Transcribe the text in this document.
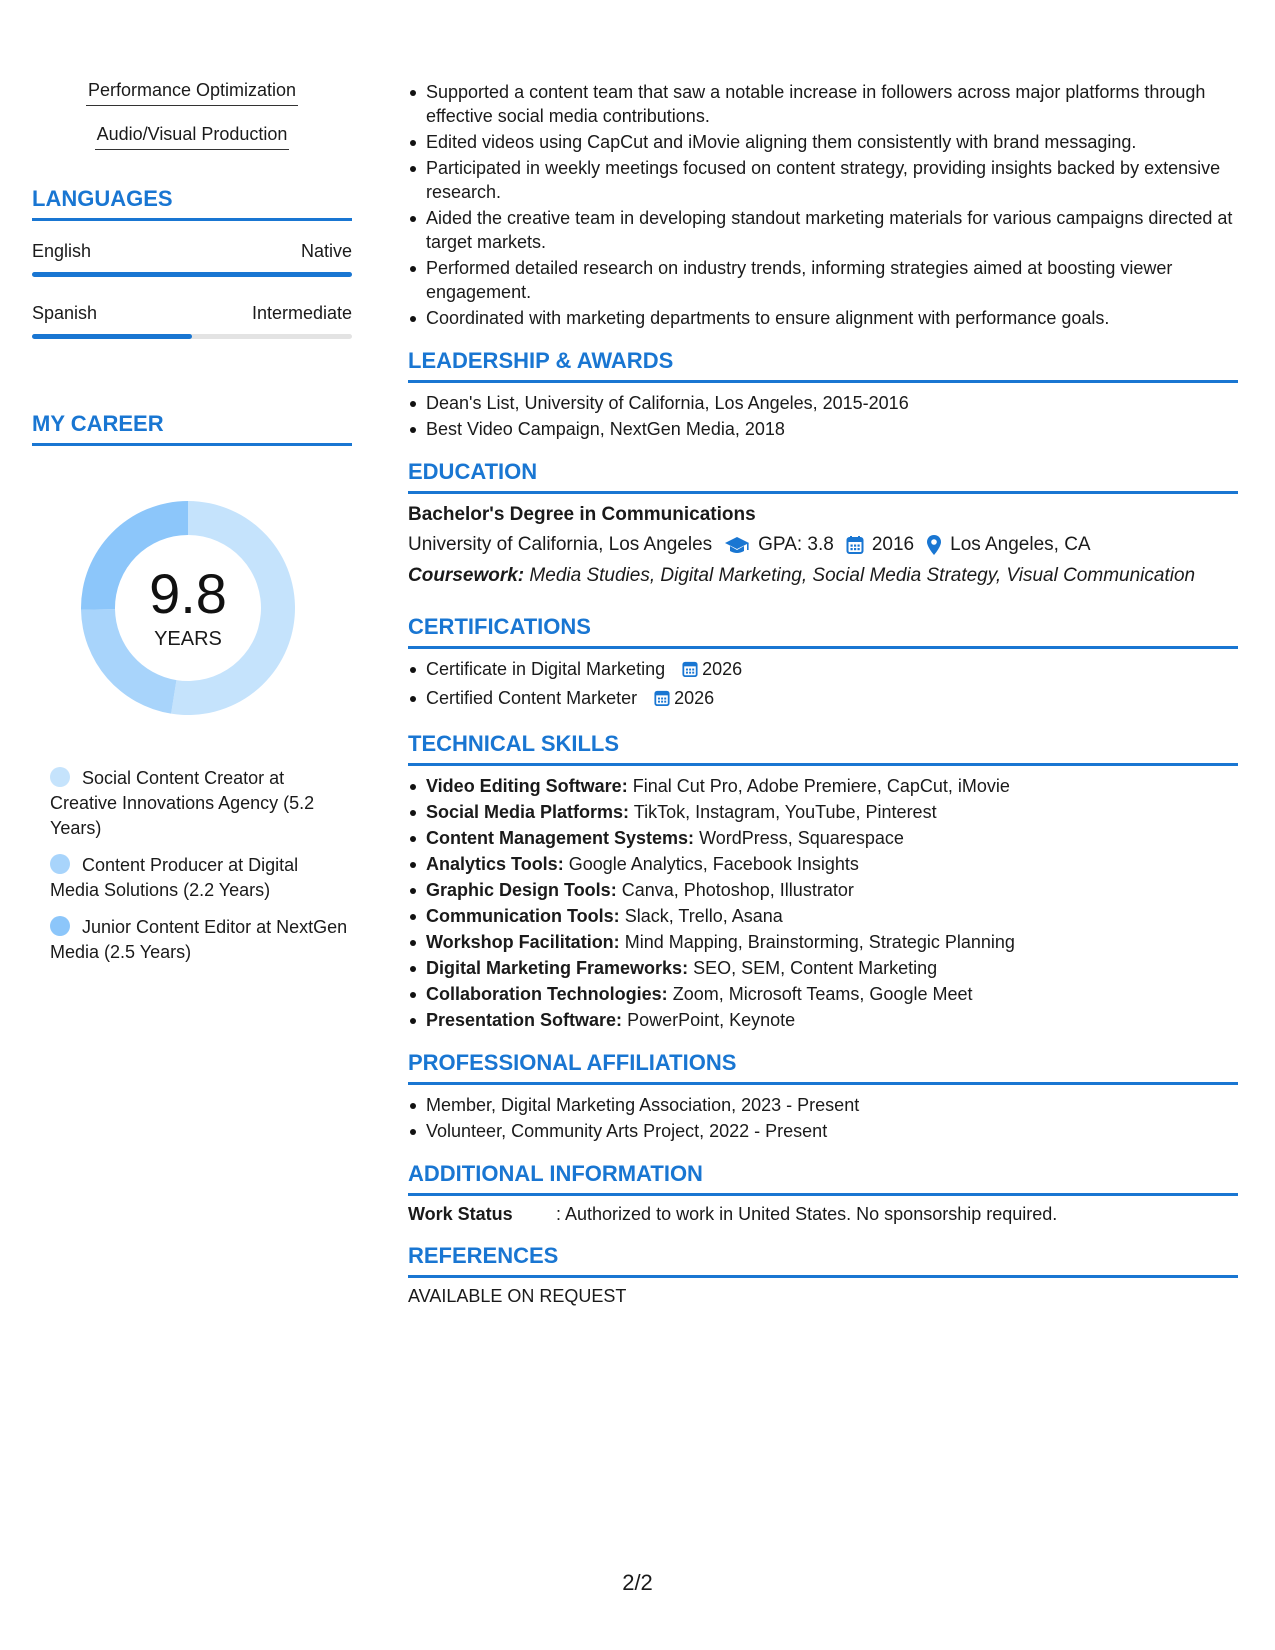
Performance Optimization
Audio/Visual Production
LANGUAGES
English	Native
Spanish	Intermediate
MY CAREER
9.8
YEARS
Social Content Creator at Creative Innovations Agency (5.2 Years)
Content Producer at Digital Media Solutions (2.2 Years)
Junior Content Editor at NextGen Media (2.5 Years)
Supported a content team that saw a notable increase in followers across major platforms through effective social media contributions.
Edited videos using CapCut and iMovie aligning them consistently with brand messaging.
Participated in weekly meetings focused on content strategy, providing insights backed by extensive research.
Aided the creative team in developing standout marketing materials for various campaigns directed at target markets.
Performed detailed research on industry trends, informing strategies aimed at boosting viewer engagement.
Coordinated with marketing departments to ensure alignment with performance goals.
LEADERSHIP & AWARDS
Dean's List, University of California, Los Angeles, 2015-2016
Best Video Campaign, NextGen Media, 2018
EDUCATION
Bachelor's Degree in Communications
University of California, Los Angeles GPA: 3.8 2016 Los Angeles, CA
Coursework: Media Studies, Digital Marketing, Social Media Strategy, Visual Communication
CERTIFICATIONS
Certificate in Digital Marketing 2026
Certified Content Marketer 2026
TECHNICAL SKILLS
Video Editing Software: Final Cut Pro, Adobe Premiere, CapCut, iMovie
Social Media Platforms: TikTok, Instagram, YouTube, Pinterest
Content Management Systems: WordPress, Squarespace
Analytics Tools: Google Analytics, Facebook Insights
Graphic Design Tools: Canva, Photoshop, Illustrator
Communication Tools: Slack, Trello, Asana
Workshop Facilitation: Mind Mapping, Brainstorming, Strategic Planning
Digital Marketing Frameworks: SEO, SEM, Content Marketing
Collaboration Technologies: Zoom, Microsoft Teams, Google Meet
Presentation Software: PowerPoint, Keynote
PROFESSIONAL AFFILIATIONS
Member, Digital Marketing Association, 2023 - Present
Volunteer, Community Arts Project, 2022 - Present
ADDITIONAL INFORMATION
Work Status	: Authorized to work in United States. No sponsorship required.
REFERENCES
AVAILABLE ON REQUEST
2/2
